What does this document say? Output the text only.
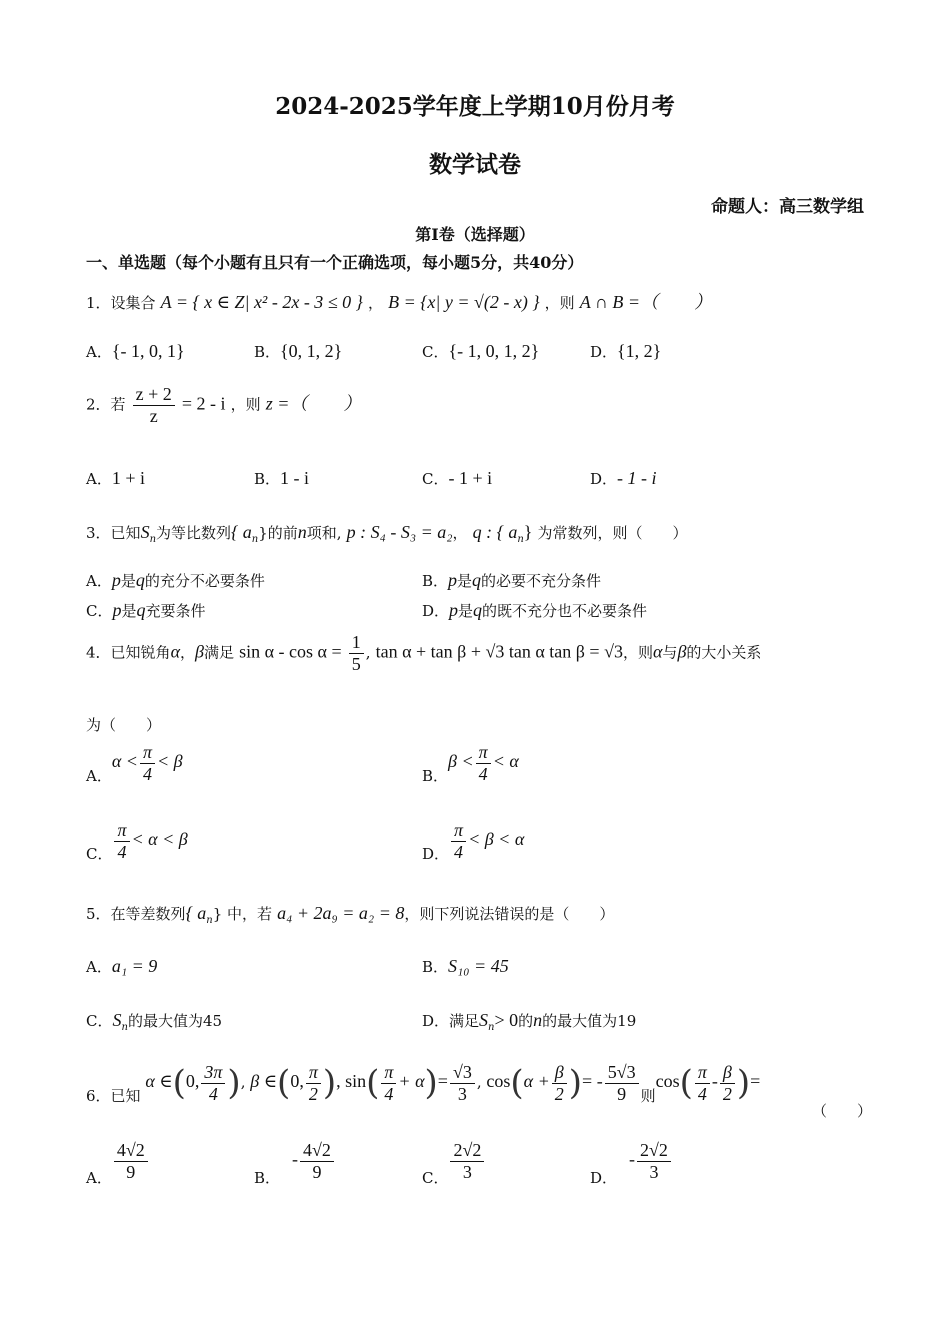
2024-2025学年度上学期10月份月考
数学试卷
命题人：高三数学组
第Ⅰ卷（选择题）
一、单选题（每个小题有且只有一个正确选项，每小题5分，共40分）
1．设集合 A = { x ∈ Z| x² - 2x - 3 ≤ 0 } ， B = {x| y = √(2 - x) } ，则 A ∩ B =（　　）
A．{- 1, 0, 1}	B．{0, 1, 2}	C．{- 1, 0, 1, 2}	D．{1, 2}
2．若 $\frac{z + 2}{z} = 2 - i$ ，则 z =（　　）
A．1 + i	B．1 - i	C．- 1 + i	D．- 1 - i
3．已知$S_n$为等比数列{ $a_n$}的前n项和, p : S₄ - S₃ = a₂， q : { $a_n$} 为常数列，则（　　）
A．p是q的充分不必要条件	B．p是q的必要不充分条件
C．p是q充要条件	D．p是q的既不充分也不必要条件
4．已知锐角α，β满足 $\sin \alpha - \cos \alpha = \frac{1}{5}$ , tan α + tan β + √3 tan α tan β = √3，则α与β的大小关系
为（　　）
A．$\alpha < \frac{\pi}{4} < \beta$
B．$\beta < \frac{\pi}{4} < \alpha$
C． $\frac{\pi}{4} < \alpha < \beta$
D． $\frac{\pi}{4} < \beta < \alpha$
5．在等差数列{ $a_n$} 中，若 a₄ + 2a₉ = a₂ = 8，则下列说法错误的是（　　）
A．a₁ = 9	B．S₁₀ = 45
C．$S_n$的最大值为45	D．满足$S_n> 0$的n的最大值为19
6．已知 α ∈(0, $\frac{3\pi}{4}$ ), β ∈(0, $\frac{\pi}{2}$ ), $\sin( \frac{\pi}{4} + \alpha)= \frac{√3}{3}$ , $\cos(\alpha + \frac{\beta}{2}$ )= - $\frac{5√3}{9}$ 则$\cos( \frac{\pi}{4} - \frac{\beta}{2}$ )=
（　　）
A． $\frac{4√2}{9}$	B．- $\frac{4√2}{9}$	C． $\frac{2√2}{3}$	D．- $\frac{2√2}{3}$
